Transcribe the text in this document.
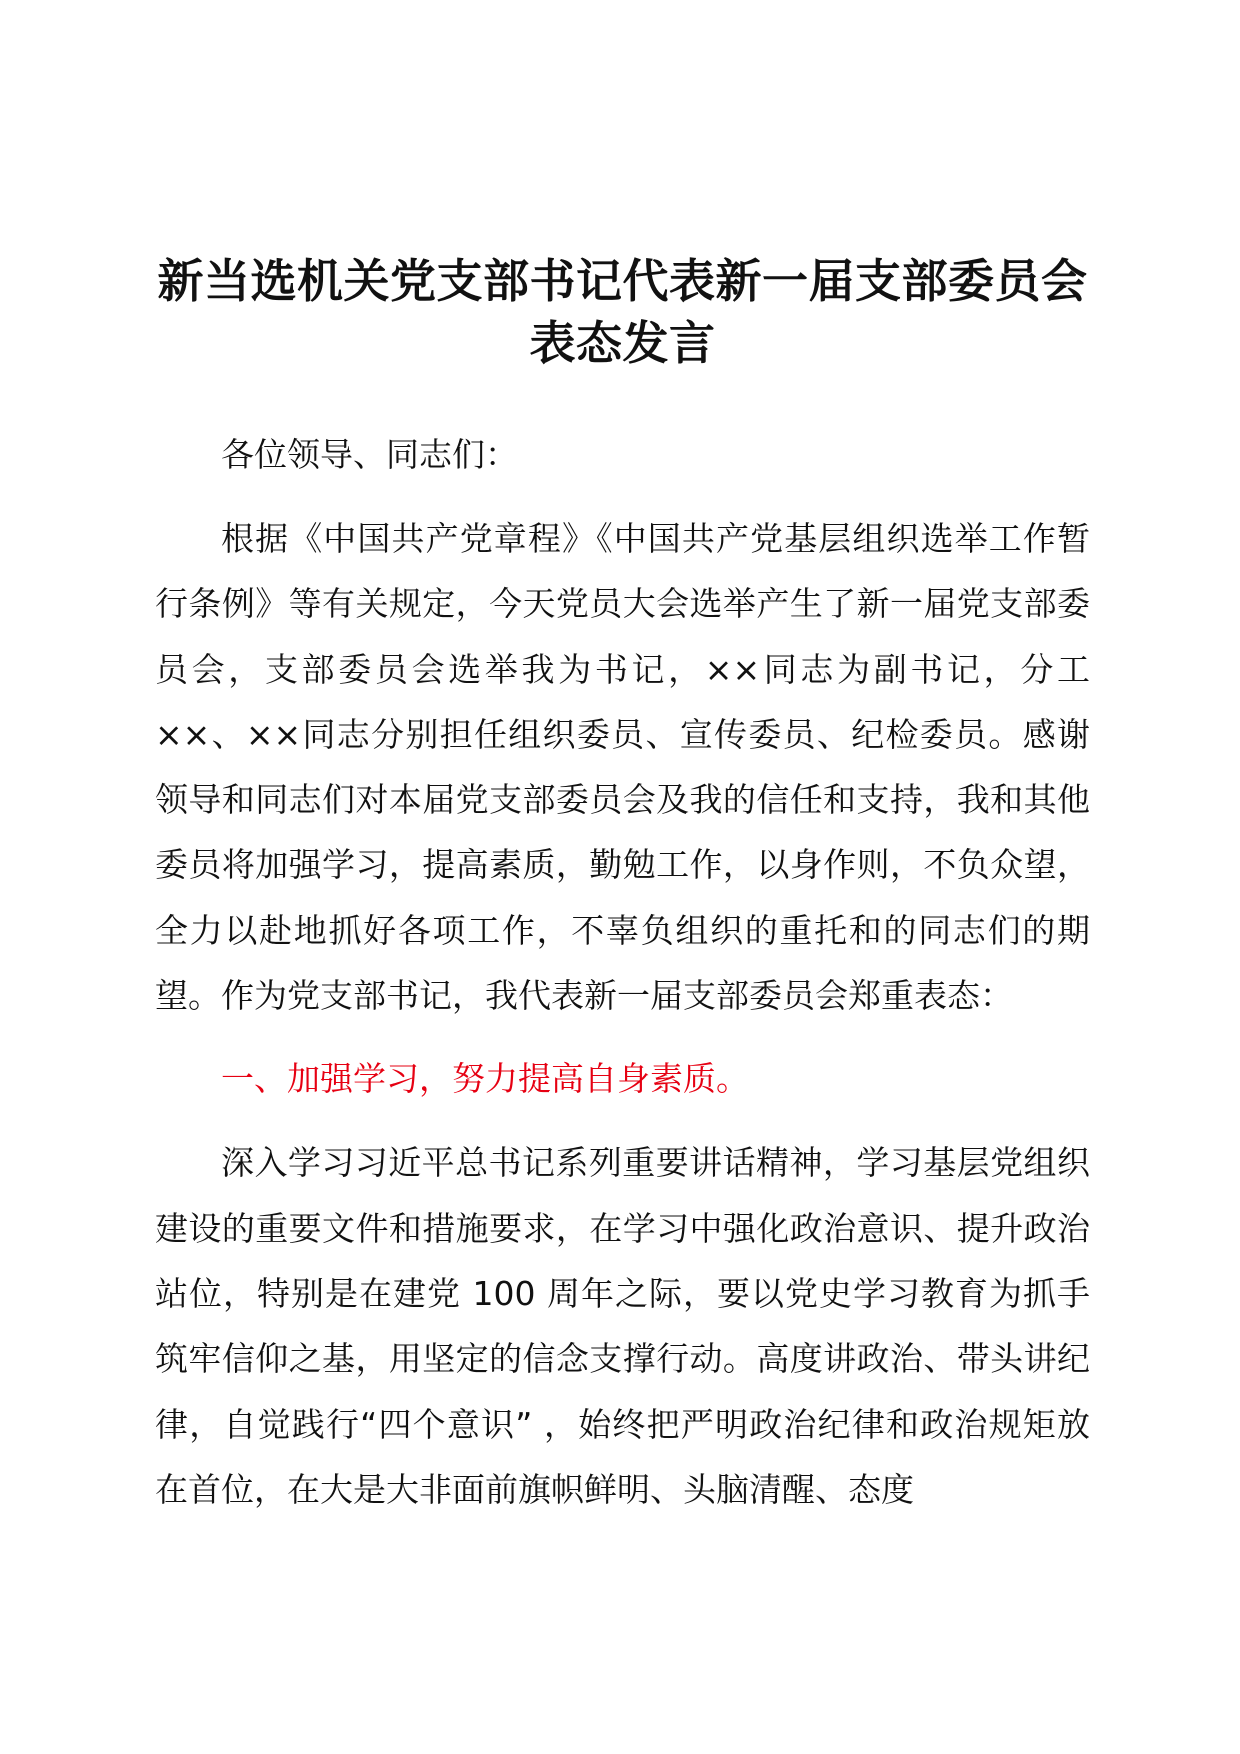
新当选机关党支部书记代表新一届支部委员会
表态发言

各位领导、同志们：

根据《中国共产党章程》《中国共产党基层组织选举工作暂行条例》等有关规定，今天党员大会选举产生了新一届党支部委员会，支部委员会选举我为书记，××同志为副书记，分工××、××同志分别担任组织委员、宣传委员、纪检委员。感谢领导和同志们对本届党支部委员会及我的信任和支持，我和其他委员将加强学习，提高素质，勤勉工作，以身作则，不负众望，全力以赴地抓好各项工作，不辜负组织的重托和的同志们的期望。作为党支部书记，我代表新一届支部委员会郑重表态：

一、加强学习，努力提高自身素质。

深入学习习近平总书记系列重要讲话精神，学习基层党组织建设的重要文件和措施要求，在学习中强化政治意识、提升政治站位，特别是在建党 100 周年之际，要以党史学习教育为抓手筑牢信仰之基，用坚定的信念支撑行动。高度讲政治、带头讲纪律，自觉践行“四个意识” ，始终把严明政治纪律和政治规矩放在首位，在大是大非面前旗帜鲜明、头脑清醒、态度
